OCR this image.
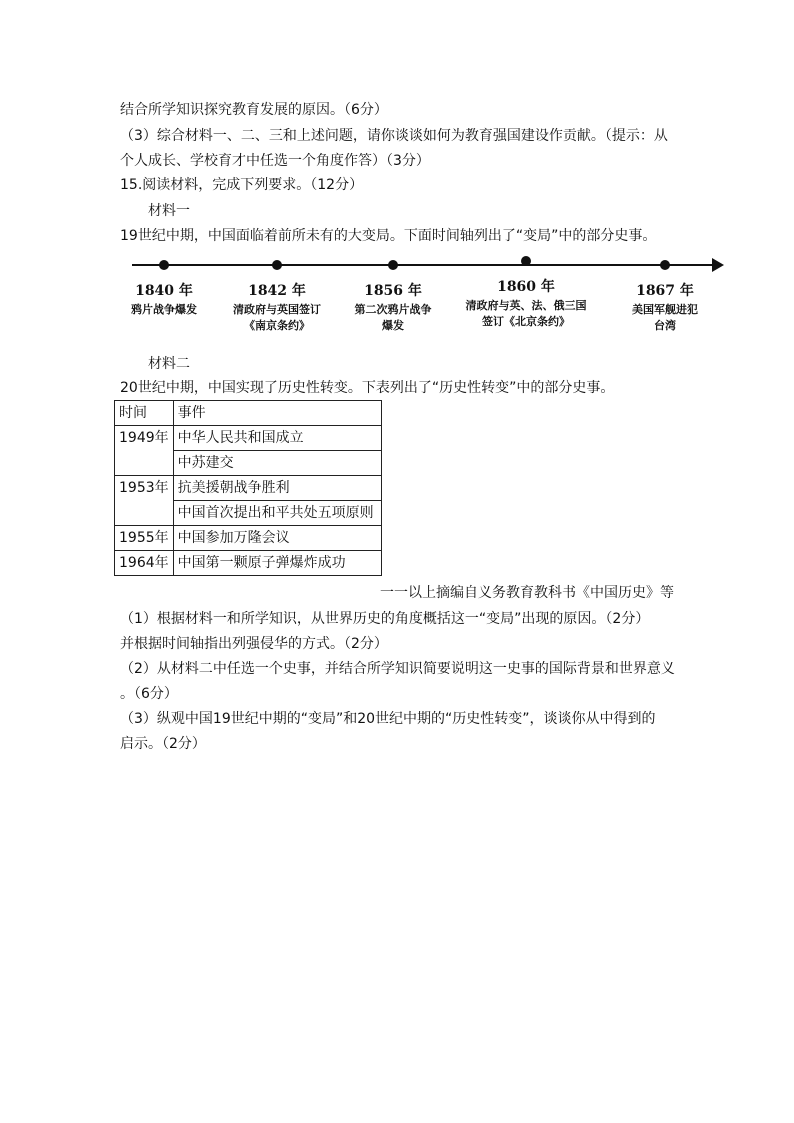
结合所学知识探究教育发展的原因。（6分）
（3）综合材料一、二、三和上述问题，请你谈谈如何为教育强国建设作贡献。（提示：从
个人成长、学校育才中任选一个角度作答）（3分）
15.阅读材料，完成下列要求。（12分）
材料一
19世纪中期，中国面临着前所未有的大变局。下面时间轴列出了“变局”中的部分史事。
1840 年
鸦片战争爆发
1842 年
清政府与英国签订
《南京条约》
1856 年
第二次鸦片战争
爆发
1860 年
清政府与英、法、俄三国
签订《北京条约》
1867 年
美国军舰进犯
台湾
材料二
20世纪中期，中国实现了历史性转变。下表列出了“历史性转变”中的部分史事。
时间	事件
1949年	中华人民共和国成立
	中苏建交
1953年	抗美援朝战争胜利
	中国首次提出和平共处五项原则
1955年	中国参加万隆会议
1964年	中国第一颗原子弹爆炸成功
一一以上摘编自义务教育教科书《中国历史》等
（1）根据材料一和所学知识，从世界历史的角度概括这一“变局”出现的原因。（2分）
并根据时间轴指出列强侵华的方式。（2分）
（2）从材料二中任选一个史事，并结合所学知识简要说明这一史事的国际背景和世界意义
。（6分）
（3）纵观中国19世纪中期的“变局”和20世纪中期的“历史性转变”，谈谈你从中得到的
启示。（2分）
